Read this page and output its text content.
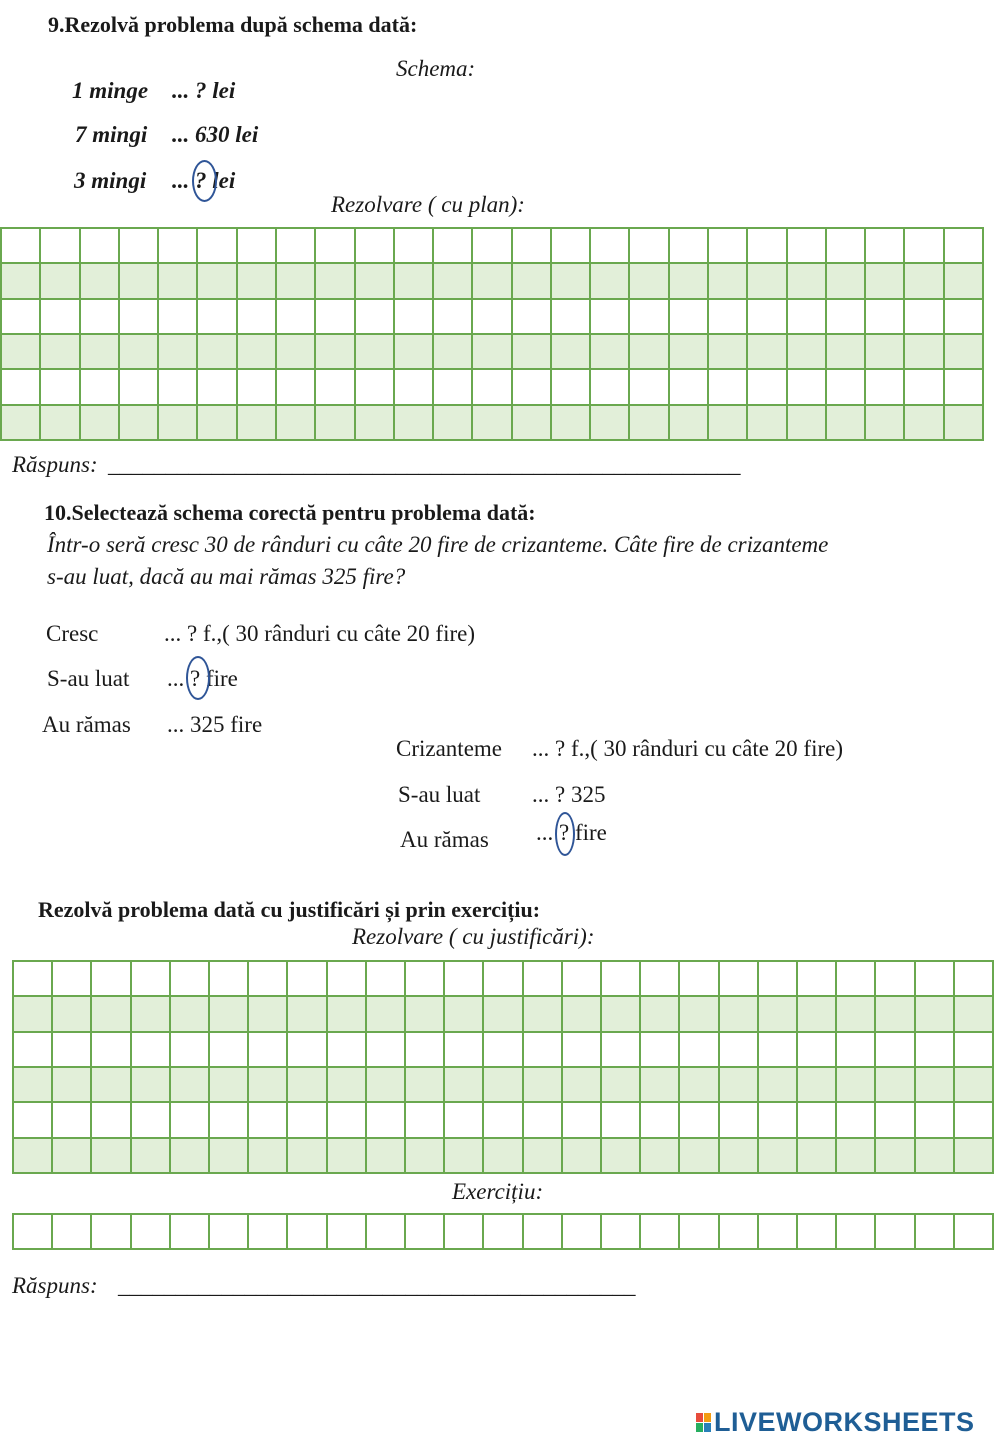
9.Rezolvă problema după schema dată:
Schema:
1 minge ... ? lei
7 mingi ... 630 lei
3 mingi ... ? lei
Rezolvare ( cu plan):
Răspuns: _______________________________________________________
10.Selectează schema corectă pentru problema dată:
Într-o seră cresc 30 de rânduri cu câte 20 fire de crizanteme. Câte fire de crizanteme
s-au luat, dacă au mai rămas 325 fire?
Cresc	... ? f.,( 30 rânduri cu câte 20 fire)
S-au luat ... ? fire
Au rămas ... 325 fire
Crizanteme ... ? f.,( 30 rânduri cu câte 20 fire)
S-au luat ... ? 325
Au rămas ... ? fire
Rezolvă problema dată cu justificări și prin exercițiu:
Rezolvare ( cu justificări):
Exercițiu:
Răspuns: _____________________________________________
LIVEWORKSHEETS
